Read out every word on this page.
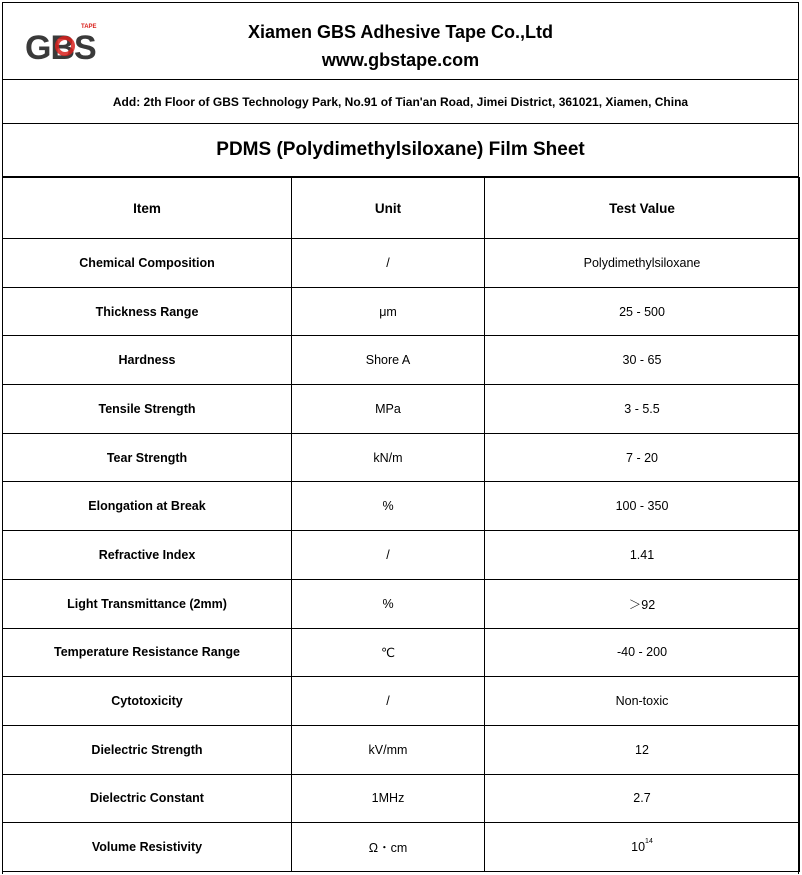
TAPE
GBS	Xiamen GBS Adhesive Tape Co.,Ltd
www.gbstape.com
Add: 2th Floor of GBS Technology Park, No.91 of Tian'an Road, Jimei District, 361021, Xiamen, China
PDMS (Polydimethylsiloxane) Film Sheet
Item	Unit	Test Value
Chemical Composition	/	Polydimethylsiloxane
Thickness Range	μm	25 - 500
Hardness	Shore A	30 - 65
Tensile Strength	MPa	3 - 5.5
Tear Strength	kN/m	7 - 20
Elongation at Break	%	100 - 350
Refractive Index	/	1.41
Light Transmittance (2mm)	%	＞92
Temperature Resistance Range	℃	-40 - 200
Cytotoxicity	/	Non-toxic
Dielectric Strength	kV/mm	12
Dielectric Constant	1MHz	2.7
Volume Resistivity	Ω・cm	$10^{14}$
